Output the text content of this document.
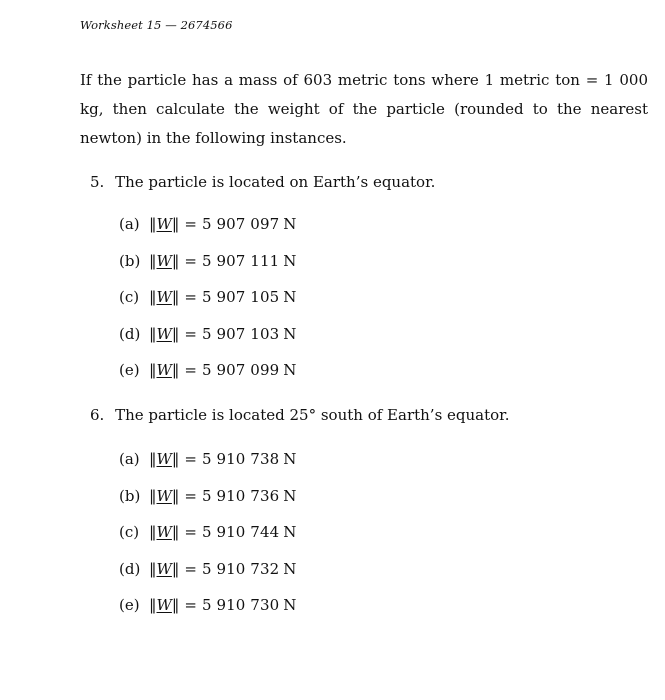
Worksheet 15 — 2674566
If the particle has a mass of 603 metric tons where 1 metric ton = 1 000 kg, then calculate the weight of the particle (rounded to the nearest newton) in the following instances.
5. The particle is located on Earth’s equator.
(a) ‖W‖ = 5 907 097 N
(b) ‖W‖ = 5 907 111 N
(c) ‖W‖ = 5 907 105 N
(d) ‖W‖ = 5 907 103 N
(e) ‖W‖ = 5 907 099 N
6. The particle is located 25° south of Earth’s equator.
(a) ‖W‖ = 5 910 738 N
(b) ‖W‖ = 5 910 736 N
(c) ‖W‖ = 5 910 744 N
(d) ‖W‖ = 5 910 732 N
(e) ‖W‖ = 5 910 730 N
